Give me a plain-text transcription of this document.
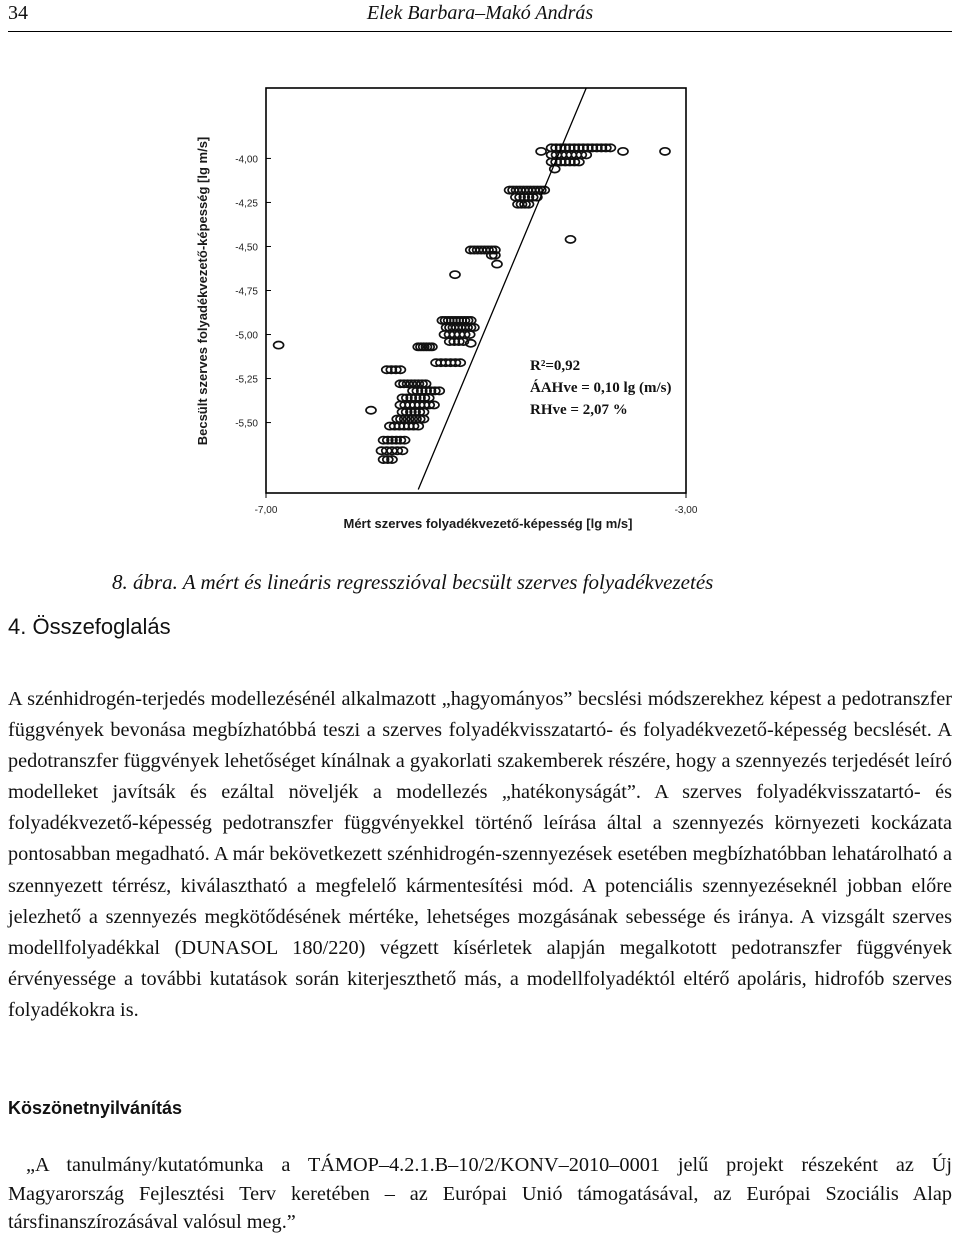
34	Elek Barbara–Makó András
-4,00
-4,25
-4,50
-4,75
-5,00
-5,25
-5,50
-7,00	-3,00
Becsült szerves folyadékvezető-képesség [lg m/s]
Mért szerves folyadékvezető-képesség [lg m/s]
R²=0,92
ÁAHve = 0,10 lg (m/s)
RHve = 2,07 %
8. ábra. A mért és lineáris regresszióval becsült szerves folyadékvezetés
4. Összefoglalás

A szénhidrogén-terjedés modellezésénél alkalmazott „hagyományos” becslési módszerekhez képest a pedotranszfer függvények bevonása megbízhatóbbá teszi a szerves folyadékvisszatartó- és folyadékvezető-képesség becslését. A pedotranszfer függvények lehetőséget kínálnak a gyakorlati szakemberek részére, hogy a szennyezés terjedését leíró modelleket javítsák és ezáltal növeljék a modellezés „hatékonyságát”. A szerves folyadékvisszatartó- és folyadékvezető-képesség pedotranszfer függvényekkel történő leírása által a szennyezés környezeti kockázata pontosabban megadható. A már bekövetkezett szénhidrogén-szennyezések esetében megbízhatóbban lehatárolható a szennyezett térrész, kiválasztható a megfelelő kármentesítési mód. A potenciális szennyezéseknél jobban előre jelezhető a szennyezés megkötődésének mértéke, lehetséges mozgásának sebessége és iránya. A vizsgált szerves modellfolyadékkal (DUNASOL 180/220) végzett kísérletek alapján megalkotott pedotranszfer függvények érvényessége a további kutatások során kiterjeszthető más, a modellfolyadéktól eltérő apoláris, hidrofób szerves folyadékokra is.

Köszönetnyilvánítás

„A tanulmány/kutatómunka a TÁMOP–4.2.1.B–10/2/KONV–2010–0001 jelű projekt részeként az Új Magyarország Fejlesztési Terv keretében – az Európai Unió támogatásával, az Európai Szociális Alap társfinanszírozásával valósul meg.”
